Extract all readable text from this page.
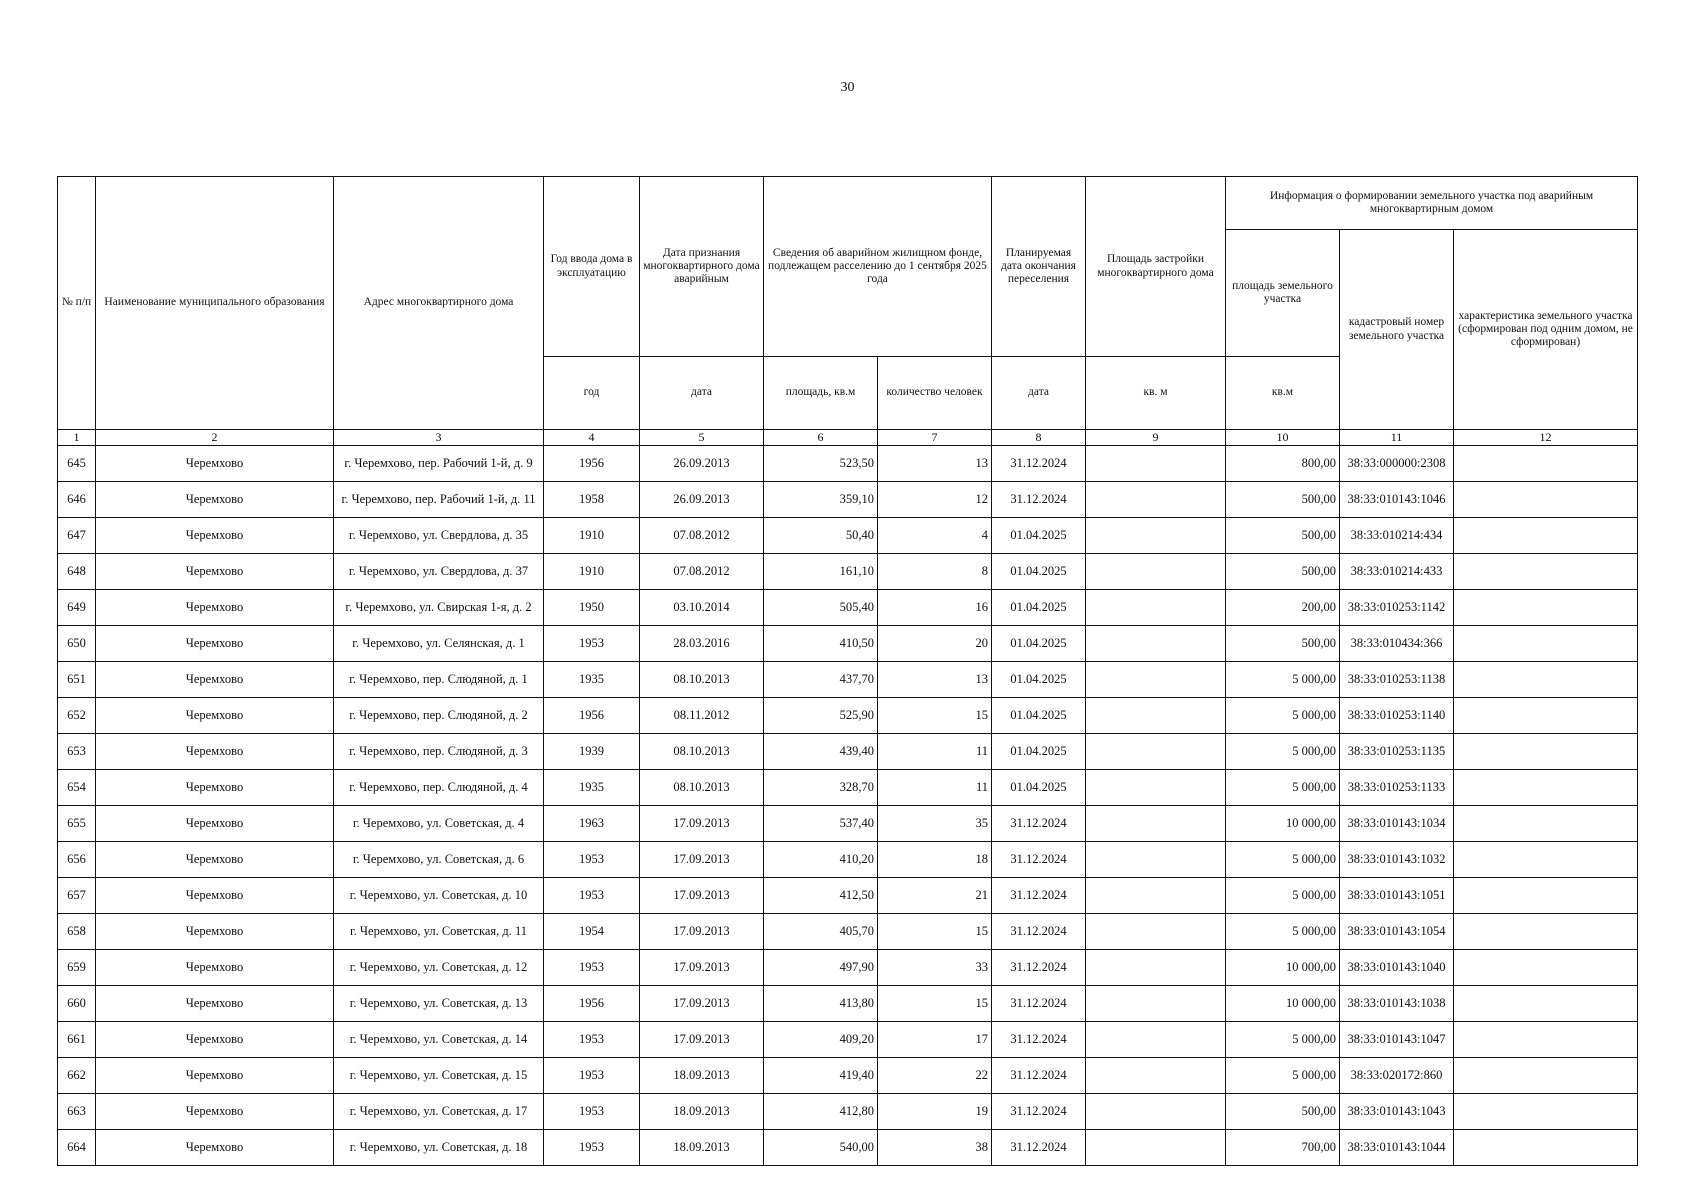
30
№ п/п	Наименование муниципального образования	Адрес многоквартирного дома	Год ввода дома в эксплуатацию	Дата признания многоквартирного дома аварийным	Сведения об аварийном жилищном фонде, подлежащем расселению до 1 сентября 2025 года		Планируемая дата окончания переселения	Площадь застройки многоквартирного дома	Информация о формировании земельного участка под аварийным многоквартирным домом		
									площадь земельного участка	кадастровый номер земельного участка	характеристика земельного участка (сформирован под одним домом, не сформирован)
			год	дата	площадь, кв.м	количество человек	дата	кв. м	кв.м		
1	2	3	4	5	6	7	8	9	10	11	12
645	Черемхово	г. Черемхово, пер. Рабочий 1-й, д. 9	1956	26.09.2013	523,50	13	31.12.2024		800,00	38:33:000000:2308	
646	Черемхово	г. Черемхово, пер. Рабочий 1-й, д. 11	1958	26.09.2013	359,10	12	31.12.2024		500,00	38:33:010143:1046	
647	Черемхово	г. Черемхово, ул. Свердлова, д. 35	1910	07.08.2012	50,40	4	01.04.2025		500,00	38:33:010214:434	
648	Черемхово	г. Черемхово, ул. Свердлова, д. 37	1910	07.08.2012	161,10	8	01.04.2025		500,00	38:33:010214:433	
649	Черемхово	г. Черемхово, ул. Свирская 1-я, д. 2	1950	03.10.2014	505,40	16	01.04.2025		200,00	38:33:010253:1142	
650	Черемхово	г. Черемхово, ул. Селянская, д. 1	1953	28.03.2016	410,50	20	01.04.2025		500,00	38:33:010434:366	
651	Черемхово	г. Черемхово, пер. Слюдяной, д. 1	1935	08.10.2013	437,70	13	01.04.2025		5 000,00	38:33:010253:1138	
652	Черемхово	г. Черемхово, пер. Слюдяной, д. 2	1956	08.11.2012	525,90	15	01.04.2025		5 000,00	38:33:010253:1140	
653	Черемхово	г. Черемхово, пер. Слюдяной, д. 3	1939	08.10.2013	439,40	11	01.04.2025		5 000,00	38:33:010253:1135	
654	Черемхово	г. Черемхово, пер. Слюдяной, д. 4	1935	08.10.2013	328,70	11	01.04.2025		5 000,00	38:33:010253:1133	
655	Черемхово	г. Черемхово, ул. Советская, д. 4	1963	17.09.2013	537,40	35	31.12.2024		10 000,00	38:33:010143:1034	
656	Черемхово	г. Черемхово, ул. Советская, д. 6	1953	17.09.2013	410,20	18	31.12.2024		5 000,00	38:33:010143:1032	
657	Черемхово	г. Черемхово, ул. Советская, д. 10	1953	17.09.2013	412,50	21	31.12.2024		5 000,00	38:33:010143:1051	
658	Черемхово	г. Черемхово, ул. Советская, д. 11	1954	17.09.2013	405,70	15	31.12.2024		5 000,00	38:33:010143:1054	
659	Черемхово	г. Черемхово, ул. Советская, д. 12	1953	17.09.2013	497,90	33	31.12.2024		10 000,00	38:33:010143:1040	
660	Черемхово	г. Черемхово, ул. Советская, д. 13	1956	17.09.2013	413,80	15	31.12.2024		10 000,00	38:33:010143:1038	
661	Черемхово	г. Черемхово, ул. Советская, д. 14	1953	17.09.2013	409,20	17	31.12.2024		5 000,00	38:33:010143:1047	
662	Черемхово	г. Черемхово, ул. Советская, д. 15	1953	18.09.2013	419,40	22	31.12.2024		5 000,00	38:33:020172:860	
663	Черемхово	г. Черемхово, ул. Советская, д. 17	1953	18.09.2013	412,80	19	31.12.2024		500,00	38:33:010143:1043	
664	Черемхово	г. Черемхово, ул. Советская, д. 18	1953	18.09.2013	540,00	38	31.12.2024		700,00	38:33:010143:1044	
